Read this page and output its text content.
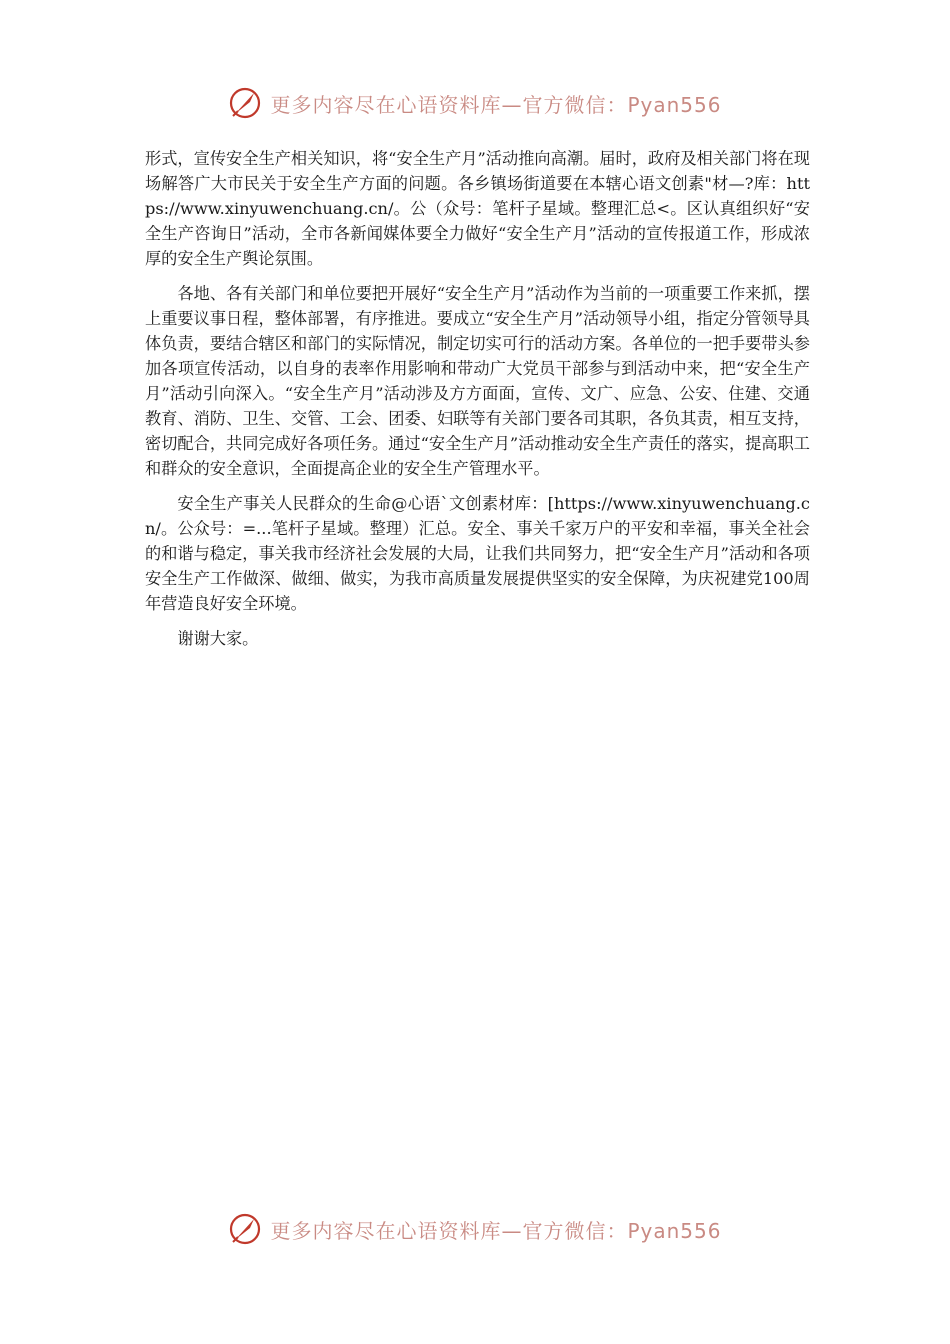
更多内容尽在心语资料库—官方微信：Pyan556

形式，宣传安全生产相关知识，将“安全生产月”活动推向高潮。届时，政府及相关部门将在现场解答广大市民关于安全生产方面的问题。各乡镇场街道要在本辖心语文创素"材—?库：https://www.xinyuwenchuang.cn/。公（众号：笔杆子星域。整理汇总<。区认真组织好“安全生产咨询日”活动，全市各新闻媒体要全力做好“安全生产月”活动的宣传报道工作，形成浓厚的安全生产舆论氛围。

各地、各有关部门和单位要把开展好“安全生产月”活动作为当前的一项重要工作来抓，摆上重要议事日程，整体部署，有序推进。要成立“安全生产月”活动领导小组，指定分管领导具体负责，要结合辖区和部门的实际情况，制定切实可行的活动方案。各单位的一把手要带头参加各项宣传活动，以自身的表率作用影响和带动广大党员干部参与到活动中来，把“安全生产月”活动引向深入。“安全生产月”活动涉及方方面面，宣传、文广、应急、公安、住建、交通教育、消防、卫生、交管、工会、团委、妇联等有关部门要各司其职，各负其责，相互支持，密切配合，共同完成好各项任务。通过“安全生产月”活动推动安全生产责任的落实，提高职工和群众的安全意识，全面提高企业的安全生产管理水平。

安全生产事关人民群众的生命@心语`文创素材库：[https://www.xinyuwenchuang.cn/。公众号：=...笔杆子星域。整理）汇总。安全、事关千家万户的平安和幸福，事关全社会的和谐与稳定，事关我市经济社会发展的大局，让我们共同努力，把“安全生产月”活动和各项安全生产工作做深、做细、做实，为我市高质量发展提供坚实的安全保障，为庆祝建党100周年营造良好安全环境。

谢谢大家。

更多内容尽在心语资料库—官方微信：Pyan556
